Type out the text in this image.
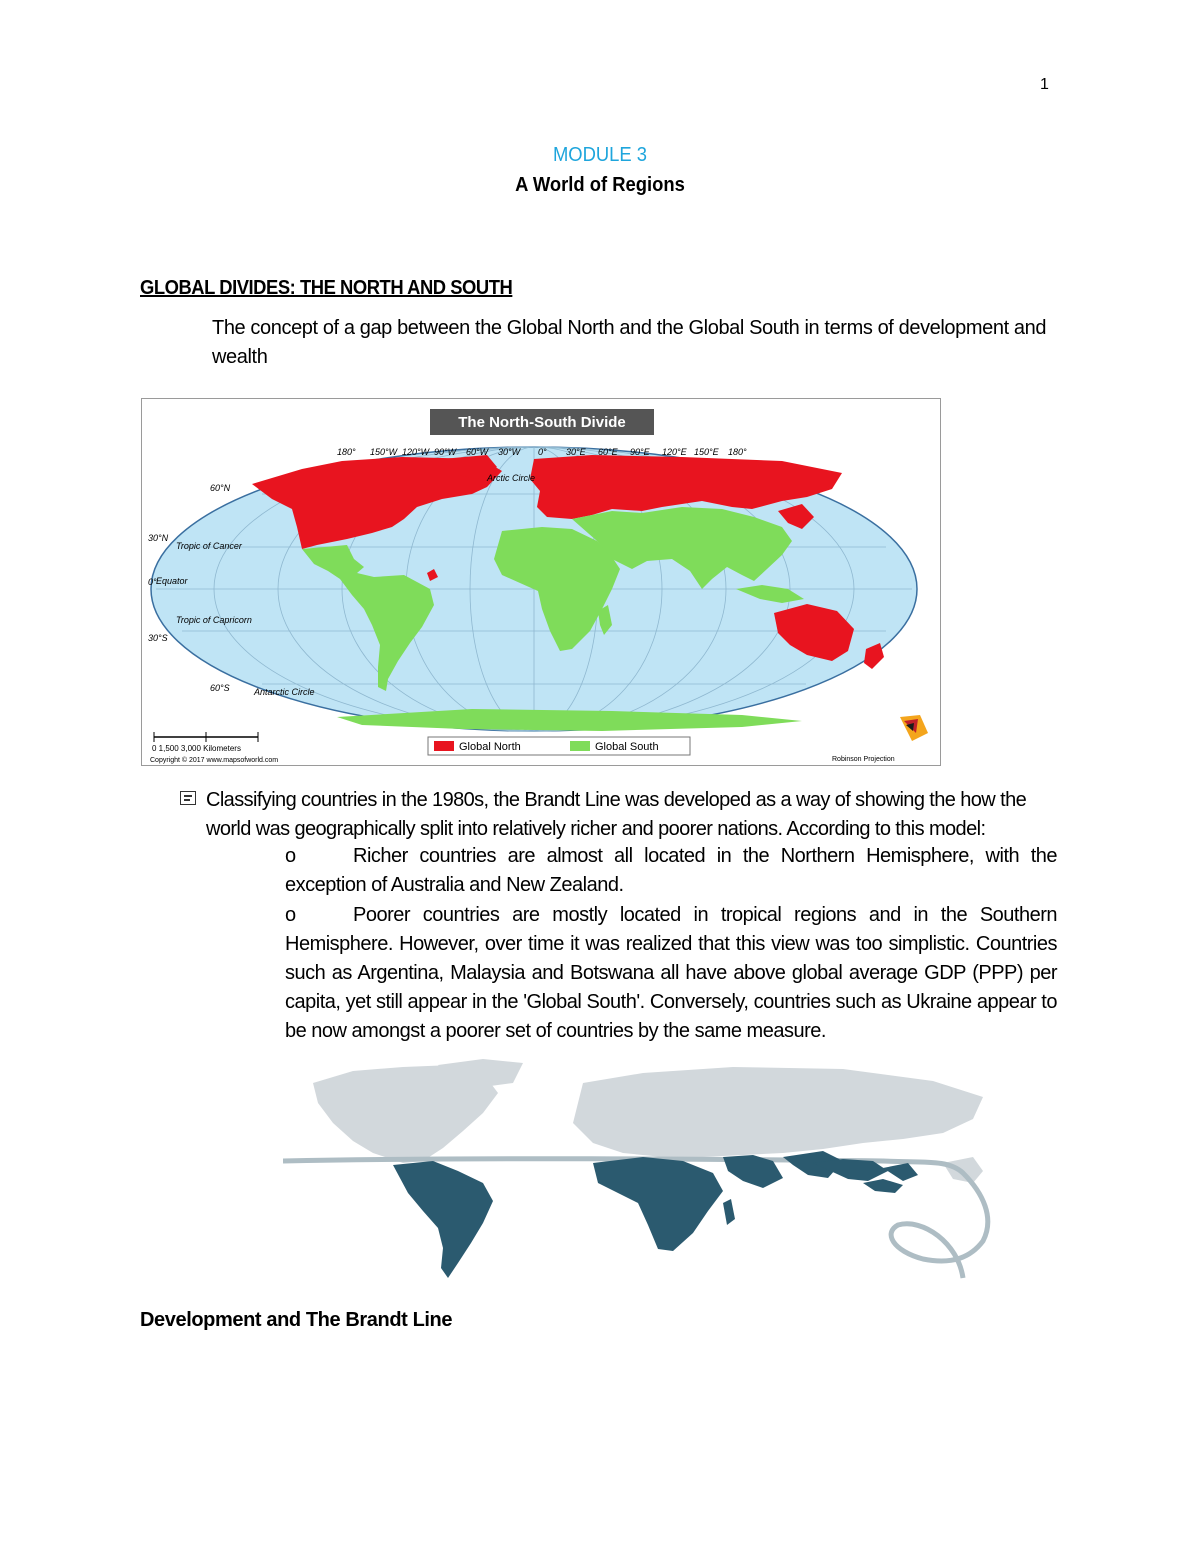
1
MODULE 3
A World of Regions
GLOBAL DIVIDES: THE NORTH AND SOUTH
The concept of a gap between the Global North and the Global South in terms of development and wealth
The North-South Divide
180° 150°W 120°W 90°W 60°W 30°W 0° 30°E 60°E 90°E 120°E 150°E 180°
60°N
30°N
0°
30°S
60°S
Arctic Circle
Tropic of Cancer
Equator
Tropic of Capricorn
Antarctic Circle
0 1,500 3,000 Kilometers
Copyright © 2017 www.mapsofworld.com
Global North	Global South
Robinson Projection
Classifying countries in the 1980s, the Brandt Line was developed as a way of showing the how the world was geographically split into relatively richer and poorer nations. According to this model:
o	Richer countries are almost all located in the Northern Hemisphere, with the exception of Australia and New Zealand.
o	Poorer countries are mostly located in tropical regions and in the Southern Hemisphere. However, over time it was realized that this view was too simplistic. Countries such as Argentina, Malaysia and Botswana all have above global average GDP (PPP) per capita, yet still appear in the 'Global South'. Conversely, countries such as Ukraine appear to be now amongst a poorer set of countries by the same measure.
Development and The Brandt Line
